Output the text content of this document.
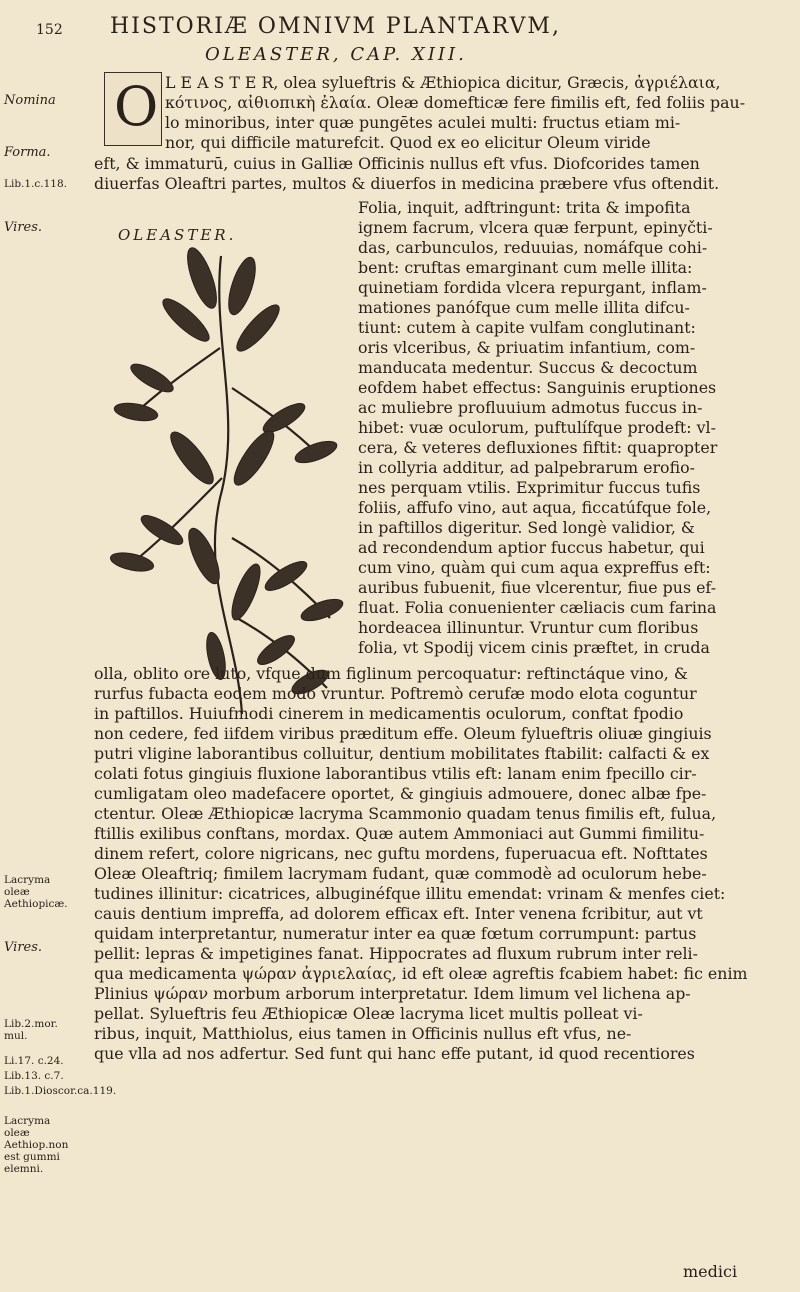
152 HISTORIÆ OMNIVM PLANTARVM,
OLEASTER, CAP. XIII.
Nomina
Forma.
Lib.1.c.118.
Vires.
Lacryma oleæ Aethiopicæ.
Vires.
Lib.2.mor. mul.
Li.17. c.24.
Lib.13. c.7.
Lib.1.Dioscor.ca.119.
Lacryma oleæ Aethiop.non est gummi elemni.
O L E A S T E R, olea sylueftris & Æthiopica dicitur, Græcis, ἀγριέλαια,
κότινος, αἰθιοπικὴ ἐλαία. Oleæ domefticæ fere fimilis eft, fed foliis pau-
lo minoribus, inter quæ pungētes aculei multi: fructus etiam mi-
nor, qui difficile maturefcit. Quod ex eo elicitur Oleum viride
eft, & immaturū, cuius in Galliæ Officinis nullus eft vfus. Diofcorides tamen
diuerfas Oleaftri partes, multos & diuerfos in medicina præbere vfus oftendit.
OLEASTER.
Folia, inquit, adftringunt: trita & impofita
ignem facrum, vlcera quæ ferpunt, epinyčti-
das, carbunculos, reduuias, nomáfque cohi-
bent: cruftas emarginant cum melle illita:
quinetiam fordida vlcera repurgant, inflam-
mationes panófque cum melle illita difcu-
tiunt: cutem à capite vulfam conglutinant:
oris vlceribus, & priuatim infantium, com-
manducata medentur. Succus & decoctum
eofdem habet effectus: Sanguinis eruptiones
ac muliebre profluuium admotus fuccus in-
hibet: vuæ oculorum, puftulífque prodeft: vl-
cera, & veteres defluxiones fiftit: quapropter
in collyria additur, ad palpebrarum erofio-
nes perquam vtilis. Exprimitur fuccus tufis
foliis, affufo vino, aut aqua, ficcatúfque fole,
in paftillos digeritur. Sed longè validior, &
ad recondendum aptior fuccus habetur, qui
cum vino, quàm qui cum aqua expreffus eft:
auribus fubuenit, fiue vlcerentur, fiue pus ef-
fluat. Folia conuenienter cæliacis cum farina
hordeacea illinuntur. Vruntur cum floribus
folia, vt Spodij vicem cinis præftet, in cruda
olla, oblito ore luto, vfque dum figlinum percoquatur: reftinctáque vino, &
rurfus fubacta eodem modo vruntur. Poftremò cerufæ modo elota coguntur
in paftillos. Huiufmodi cinerem in medicamentis oculorum, conftat fpodio
non cedere, fed iifdem viribus præditum effe. Oleum fylueftris oliuæ gingiuis
putri vligine laborantibus colluitur, dentium mobilitates ftabilit: calfacti & ex
colati fotus gingiuis fluxione laborantibus vtilis eft: lanam enim fpecillo cir-
cumligatam oleo madefacere oportet, & gingiuis admouere, donec albæ fpe-
ctentur. Oleæ Æthiopicæ lacryma Scammonio quadam tenus fimilis eft, fulua,
ftillis exilibus conftans, mordax. Quæ autem Ammoniaci aut Gummi fimilitu-
dinem refert, colore nigricans, nec guftu mordens, fuperuacua eft. Nofttates
Oleæ Oleaftriq; fimilem lacrymam fudant, quæ commodè ad oculorum hebe-
tudines illinitur: cicatrices, albuginéfque illitu emendat: vrinam & menfes ciet:
cauis dentium impreffa, ad dolorem efficax eft. Inter venena fcribitur, aut vt
quidam interpretantur, numeratur inter ea quæ fœtum corrumpunt: partus
pellit: lepras & impetigines fanat. Hippocrates ad fluxum rubrum inter reli-
qua medicamenta ψώραν ἀγριελαίας, id eft oleæ agreftis fcabiem habet: fic enim
Plinius ψώραν morbum arborum interpretatur. Idem limum vel lichena ap-
pellat. Sylueftris feu Æthiopicæ Oleæ lacryma licet multis polleat vi-
ribus, inquit, Matthiolus, eius tamen in Officinis nullus eft vfus, ne-
que vlla ad nos adfertur. Sed funt qui hanc effe putant, id quod recentiores
medici
